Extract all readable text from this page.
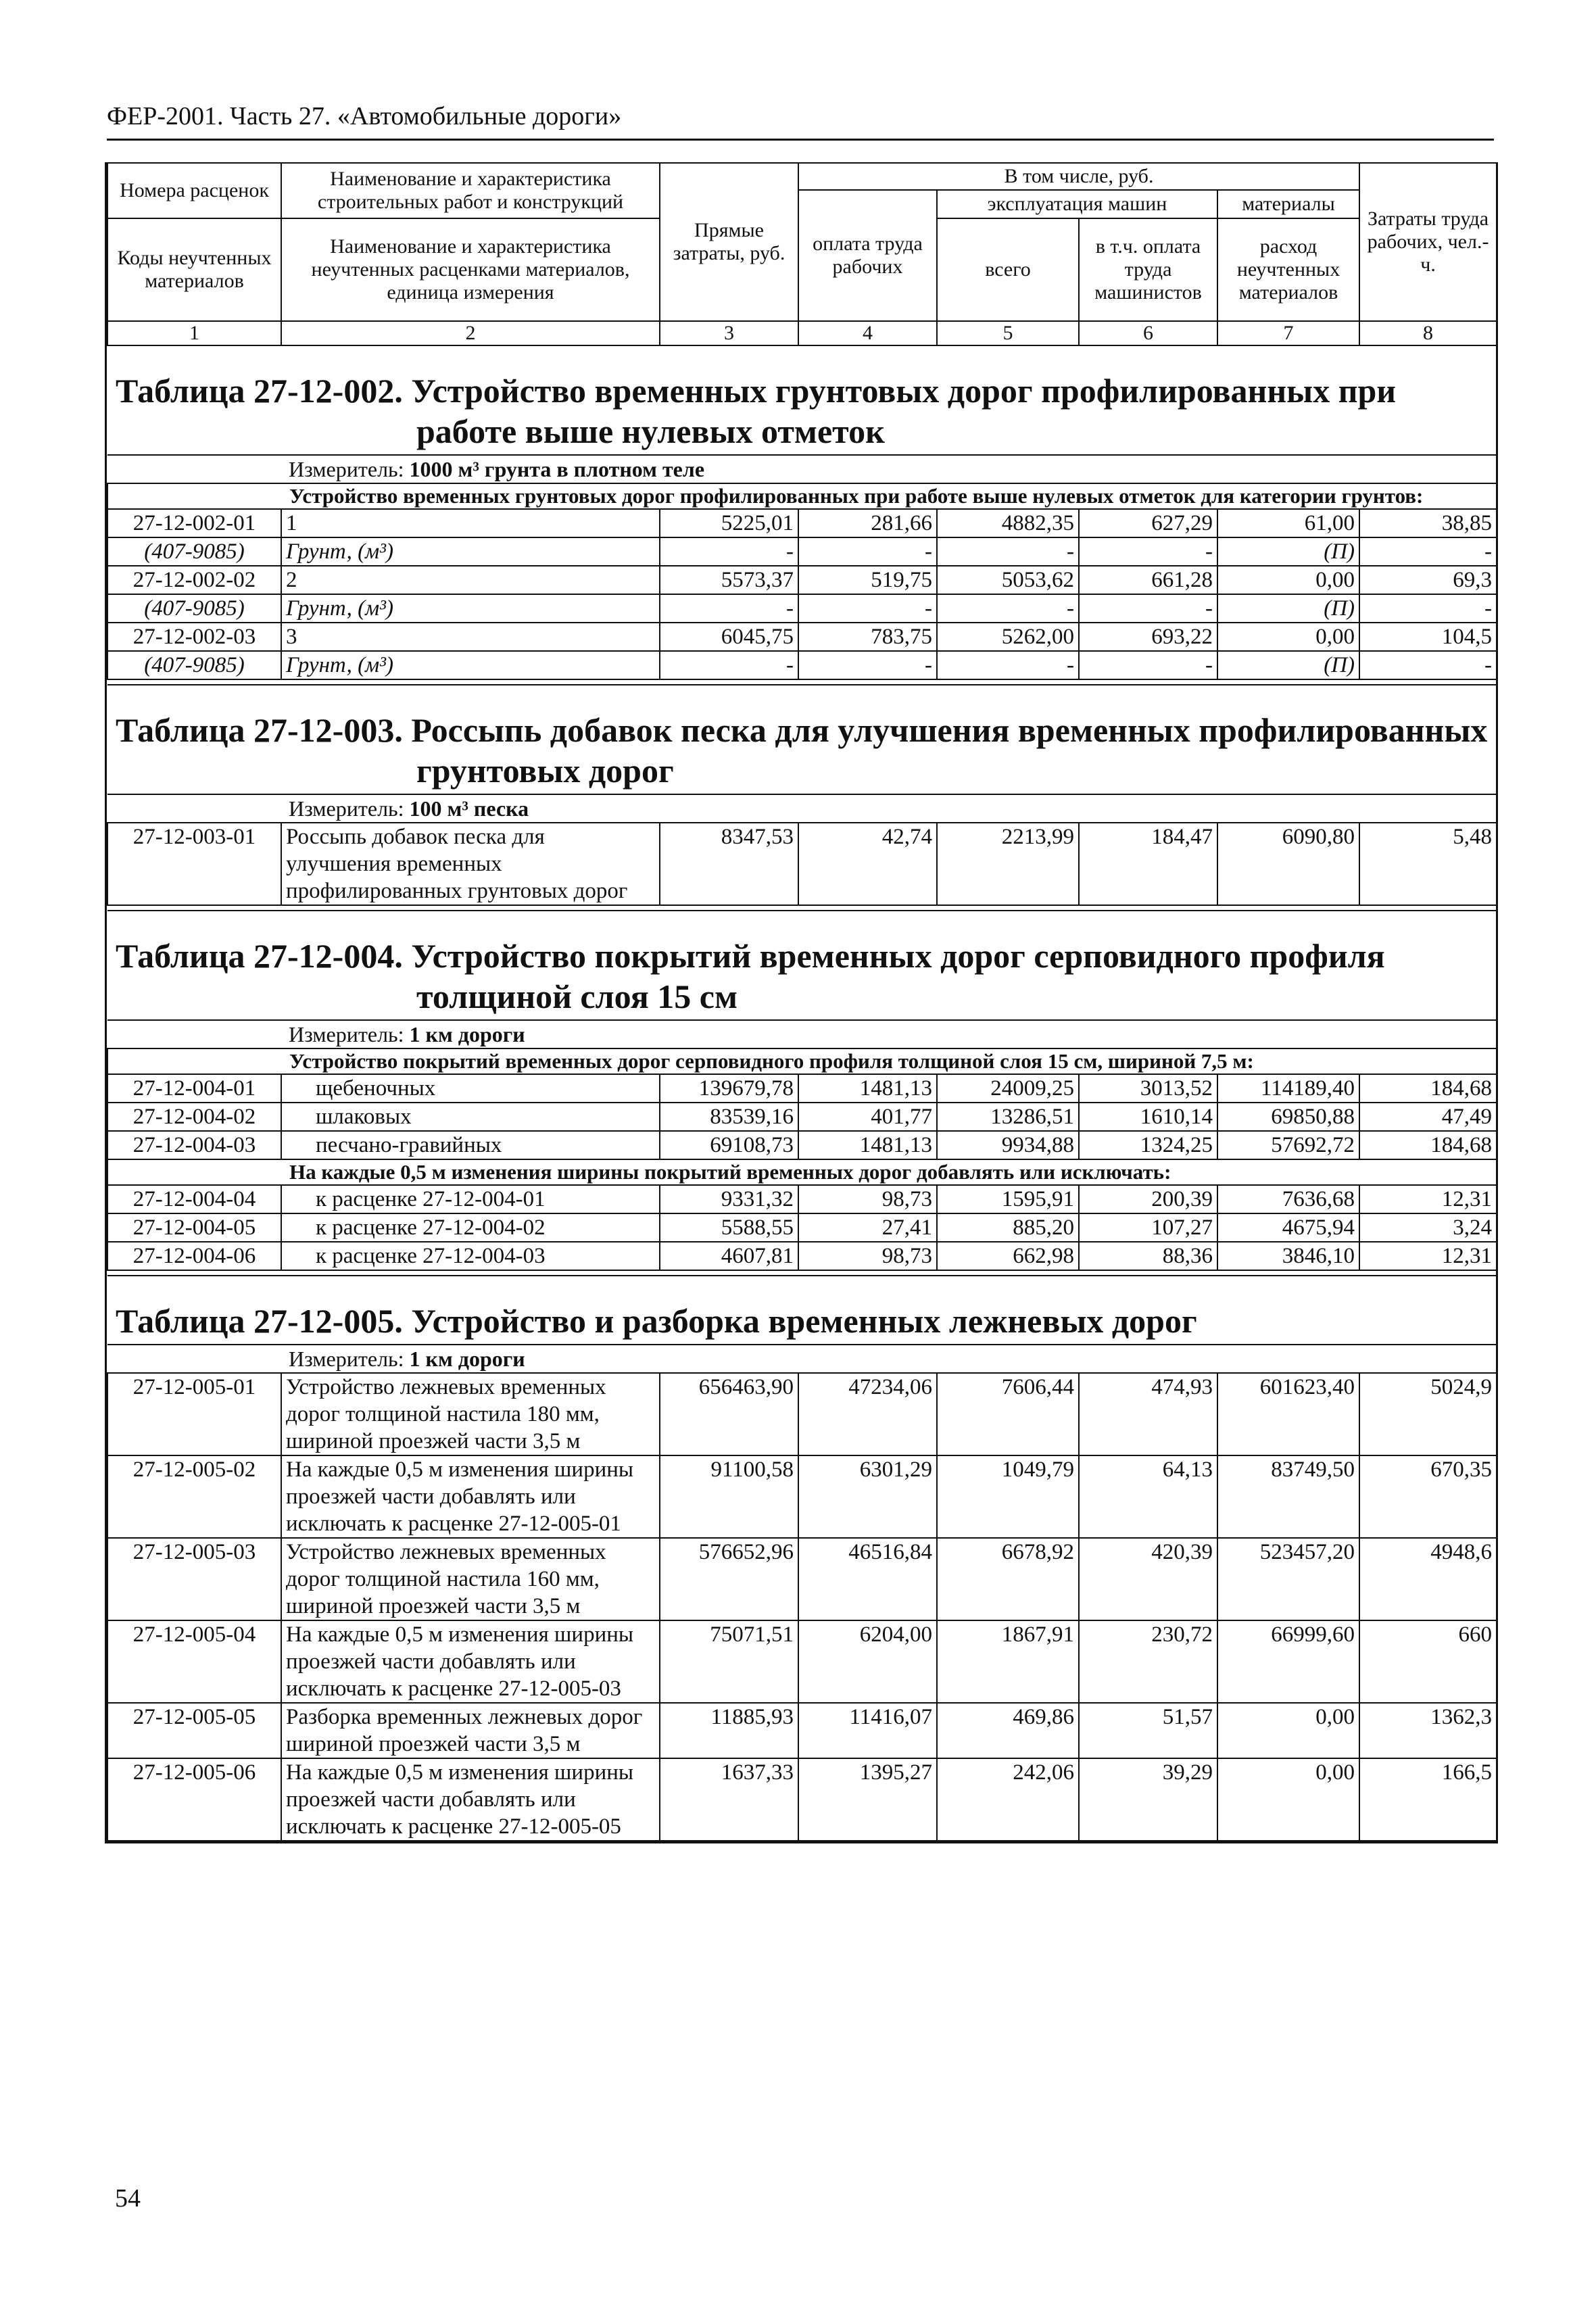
ФЕР-2001. Часть 27. «Автомобильные дороги»
Номера расценок	Наименование и характеристика строительных работ и конструкций	Прямые затраты, руб.	В том числе, руб.				Затраты труда рабочих, чел.-ч.
			оплата труда рабочих	эксплуатация машин		материалы	
Коды неучтенных материалов	Наименование и характеристика неучтенных расценками материалов, единица измерения			всего	в т.ч. оплата труда машинистов	расход неучтенных материалов	

1	2	3	4	5	6	7	8
Таблица 27-12-002. Устройство временных грунтовых дорог профилированных при
работе выше нулевых отметок							

Измеритель: 1000 м³ грунта в плотном теле							
Устройство временных грунтовых дорог профилированных при работе выше нулевых отметок для категории грунтов:							
27-12-002-01	1	5225,01	281,66	4882,35	627,29	61,00	38,85
(407-9085)	Грунт, (м³)	-	-	-	-	(П)	-
27-12-002-02	2	5573,37	519,75	5053,62	661,28	0,00	69,3
(407-9085)	Грунт, (м³)	-	-	-	-	(П)	-
27-12-002-03	3	6045,75	783,75	5262,00	693,22	0,00	104,5
(407-9085)	Грунт, (м³)	-	-	-	-	(П)	-

Таблица 27-12-003. Россыпь добавок песка для улучшения временных профилированных
грунтовых дорог							

Измеритель: 100 м³ песка							
27-12-003-01	Россыпь добавок песка для улучшения временных профилированных грунтовых дорог	8347,53	42,74	2213,99	184,47	6090,80	5,48

Таблица 27-12-004. Устройство покрытий временных дорог серповидного профиля
толщиной слоя 15 см							

Измеритель: 1 км дороги							
Устройство покрытий временных дорог серповидного профиля толщиной слоя 15 см, шириной 7,5 м:							
27-12-004-01	щебеночных	139679,78	1481,13	24009,25	3013,52	114189,40	184,68
27-12-004-02	шлаковых	83539,16	401,77	13286,51	1610,14	69850,88	47,49
27-12-004-03	песчано-гравийных	69108,73	1481,13	9934,88	1324,25	57692,72	184,68
На каждые 0,5 м изменения ширины покрытий временных дорог добавлять или исключать:							
27-12-004-04	к расценке 27-12-004-01	9331,32	98,73	1595,91	200,39	7636,68	12,31
27-12-004-05	к расценке 27-12-004-02	5588,55	27,41	885,20	107,27	4675,94	3,24
27-12-004-06	к расценке 27-12-004-03	4607,81	98,73	662,98	88,36	3846,10	12,31

Таблица 27-12-005. Устройство и разборка временных лежневых дорог							
Измеритель: 1 км дороги							
27-12-005-01	Устройство лежневых временных дорог толщиной настила 180 мм, шириной проезжей части 3,5 м	656463,90	47234,06	7606,44	474,93	601623,40	5024,9
27-12-005-02	На каждые 0,5 м изменения ширины проезжей части добавлять или исключать к расценке 27-12-005-01	91100,58	6301,29	1049,79	64,13	83749,50	670,35
27-12-005-03	Устройство лежневых временных дорог толщиной настила 160 мм, шириной проезжей части 3,5 м	576652,96	46516,84	6678,92	420,39	523457,20	4948,6
27-12-005-04	На каждые 0,5 м изменения ширины проезжей части добавлять или исключать к расценке 27-12-005-03	75071,51	6204,00	1867,91	230,72	66999,60	660
27-12-005-05	Разборка временных лежневых дорог шириной проезжей части 3,5 м	11885,93	11416,07	469,86	51,57	0,00	1362,3
27-12-005-06	На каждые 0,5 м изменения ширины проезжей части добавлять или исключать к расценке 27-12-005-05	1637,33	1395,27	242,06	39,29	0,00	166,5
54
